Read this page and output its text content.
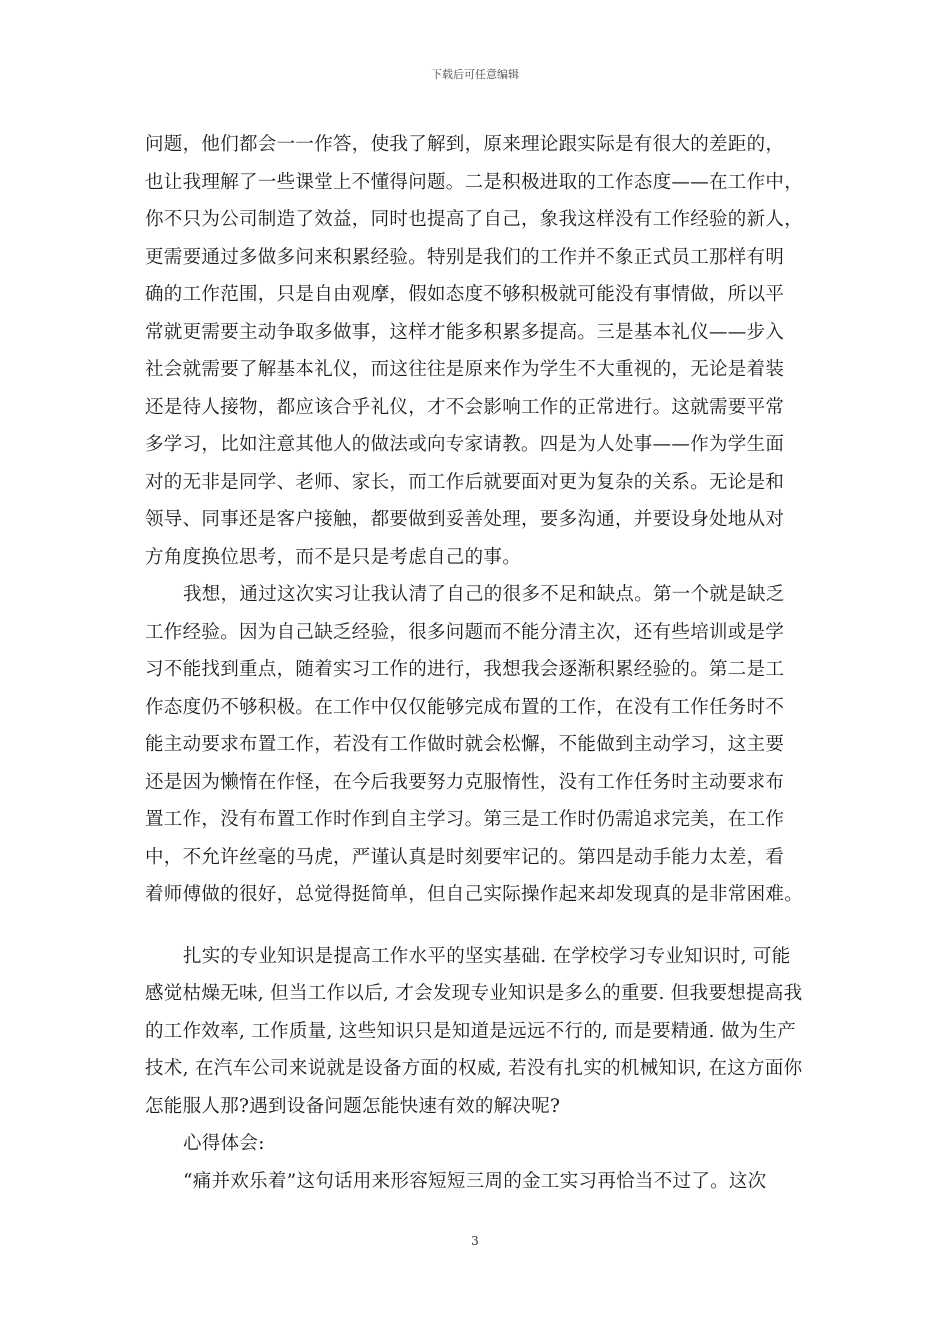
下载后可任意编辑
问题，他们都会一一作答，使我了解到，原来理论跟实际是有很大的差距的，
也让我理解了一些课堂上不懂得问题。二是积极进取的工作态度——在工作中，
你不只为公司制造了效益，同时也提高了自己，象我这样没有工作经验的新人，
更需要通过多做多问来积累经验。特别是我们的工作并不象正式员工那样有明
确的工作范围，只是自由观摩，假如态度不够积极就可能没有事情做，所以平
常就更需要主动争取多做事，这样才能多积累多提高。三是基本礼仪——步入
社会就需要了解基本礼仪，而这往往是原来作为学生不大重视的，无论是着装
还是待人接物，都应该合乎礼仪，才不会影响工作的正常进行。这就需要平常
多学习，比如注意其他人的做法或向专家请教。四是为人处事——作为学生面
对的无非是同学、老师、家长，而工作后就要面对更为复杂的关系。无论是和
领导、同事还是客户接触，都要做到妥善处理，要多沟通，并要设身处地从对
方角度换位思考，而不是只是考虑自己的事。
我想，通过这次实习让我认清了自己的很多不足和缺点。第一个就是缺乏
工作经验。因为自己缺乏经验，很多问题而不能分清主次，还有些培训或是学
习不能找到重点，随着实习工作的进行，我想我会逐渐积累经验的。第二是工
作态度仍不够积极。在工作中仅仅能够完成布置的工作，在没有工作任务时不
能主动要求布置工作，若没有工作做时就会松懈，不能做到主动学习，这主要
还是因为懒惰在作怪，在今后我要努力克服惰性，没有工作任务时主动要求布
置工作，没有布置工作时作到自主学习。第三是工作时仍需追求完美，在工作
中，不允许丝毫的马虎，严谨认真是时刻要牢记的。第四是动手能力太差，看
着师傅做的很好，总觉得挺简单，但自己实际操作起来却发现真的是非常困难。
扎实的专业知识是提高工作水平的坚实基础. 在学校学习专业知识时, 可能
感觉枯燥无味, 但当工作以后, 才会发现专业知识是多么的重要. 但我要想提高我
的工作效率, 工作质量, 这些知识只是知道是远远不行的, 而是要精通. 做为生产
技术, 在汽车公司来说就是设备方面的权威, 若没有扎实的机械知识, 在这方面你
怎能服人那?遇到设备问题怎能快速有效的解决呢?
心得体会:
“痛并欢乐着”这句话用来形容短短三周的金工实习再恰当不过了。这次
3
